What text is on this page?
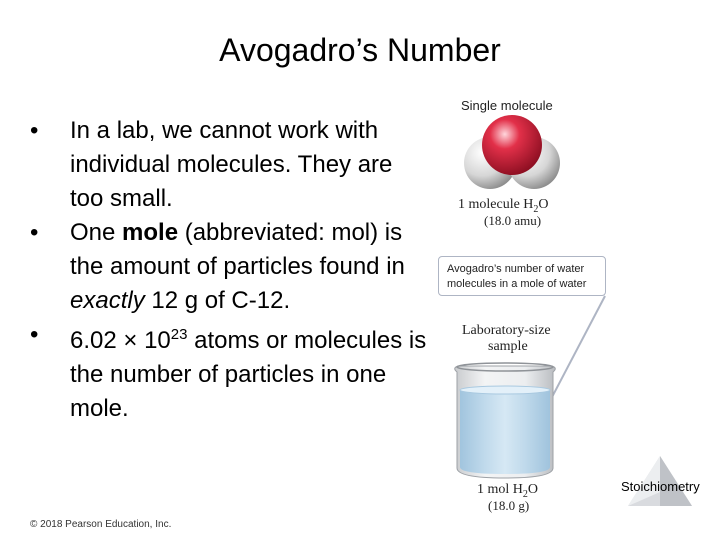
Avogadro’s Number
• In a lab, we cannot work with individual molecules. They are too small.
• One mole (abbreviated: mol) is the amount of particles found in exactly 12 g of C-12.
• $6.02 \times 10^{23}$ atoms or molecules is the number of particles in one mole.
Single molecule
1 molecule $H_2O$
(18.0 amu)
Avogadro’s number of water molecules in a mole of water
Laboratory-size
sample
1 mol $H_2O$
(18.0 g)
Stoichiometry
© 2018 Pearson Education, Inc.
